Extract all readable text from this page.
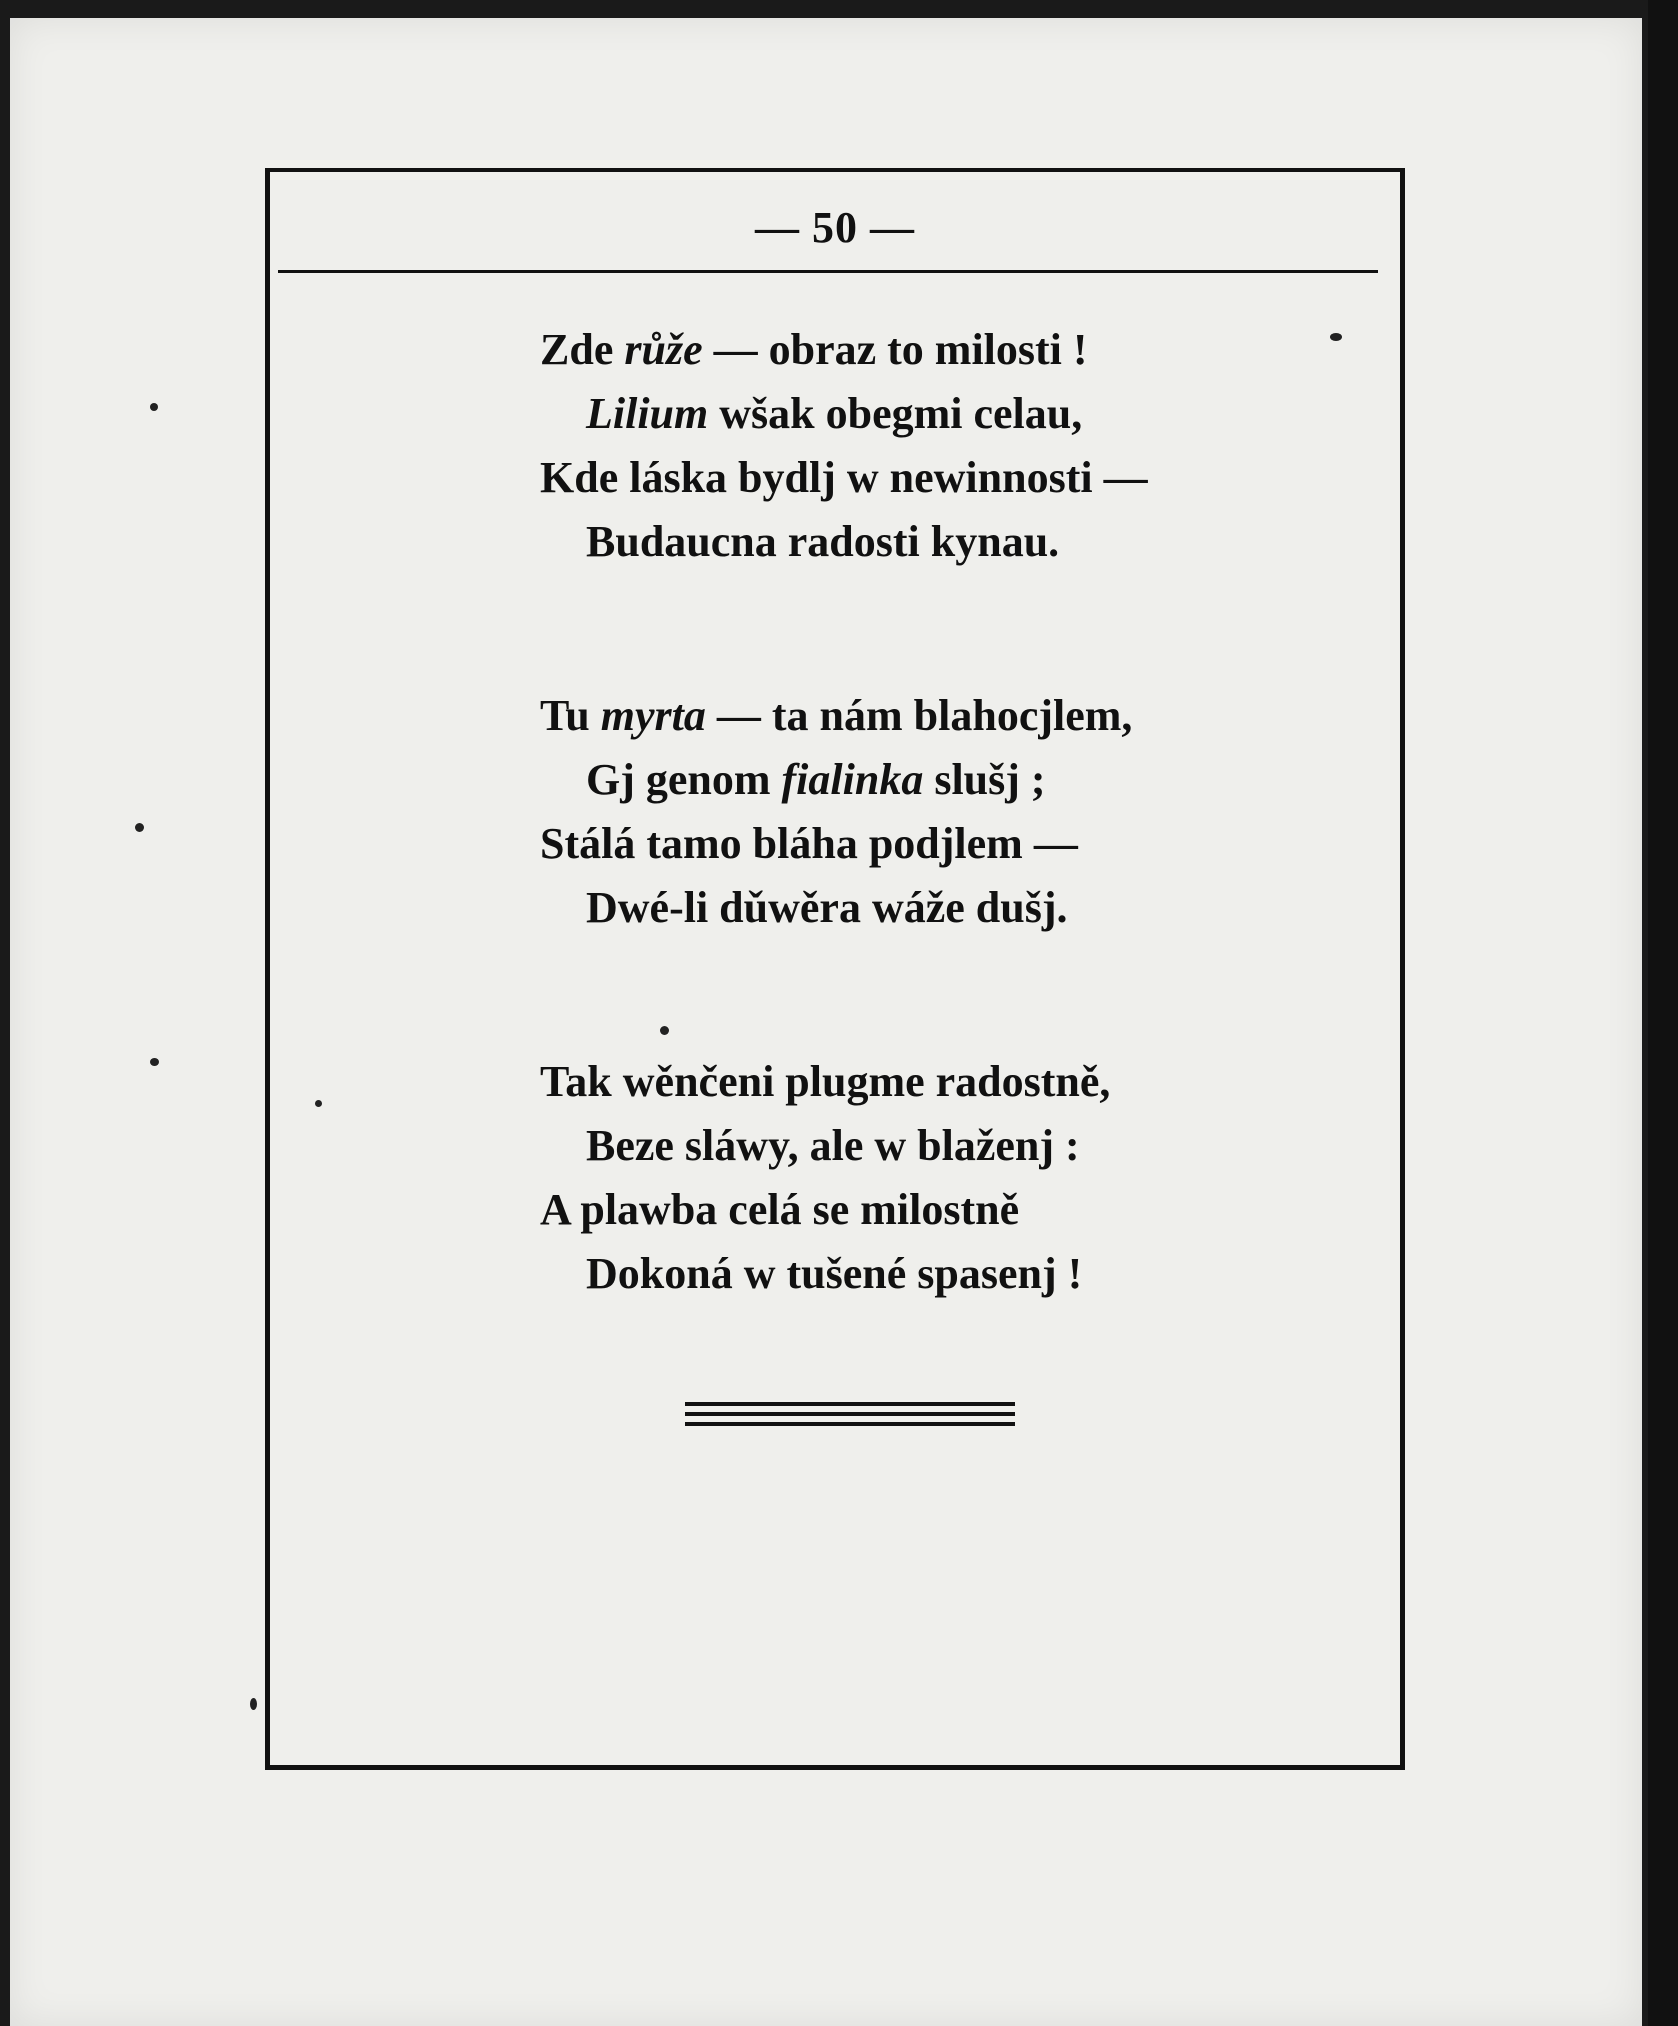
— 50 —
Zde růže — obraz to milosti !
Lilium wšak obegmi celau,
Kde láska bydlj w newinnosti —
Budaucna radosti kynau.
Tu myrta — ta nám blahocjlem,
Gj genom fialinka slušj ;
Stálá tamo bláha podjlem —
Dwé-li dǔwěra wáže dušj.
Tak wěnčeni plugme radostně,
Beze sláwy, ale w blaženj :
A plawba celá se milostně
Dokoná w tušené spasenj !
